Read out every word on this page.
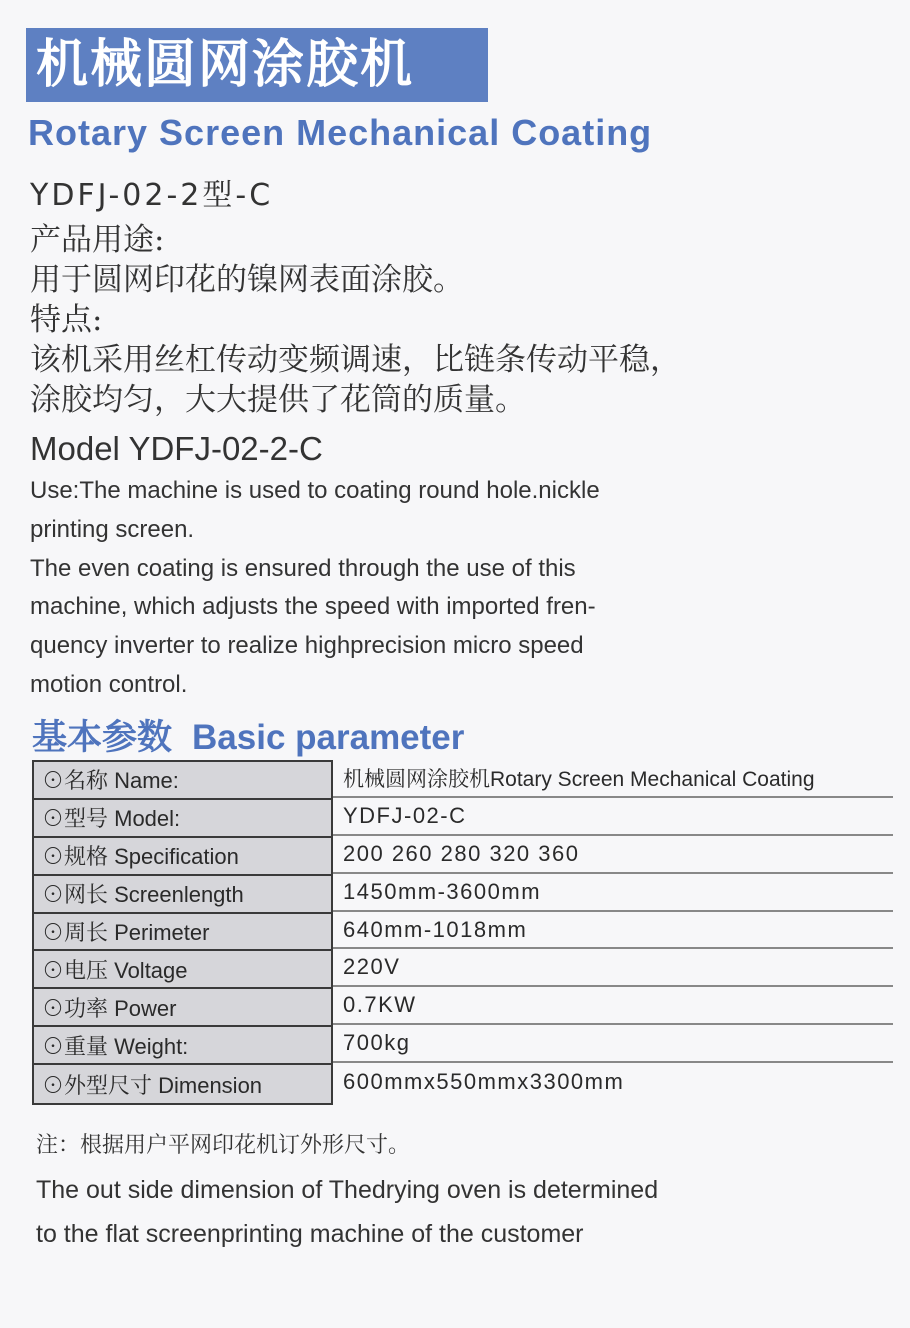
机械圆网涂胶机
Rotary Screen Mechanical Coating
YDFJ-02-2型-C
产品用途:
用于圆网印花的镍网表面涂胶。
特点:
该机采用丝杠传动变频调速，比链条传动平稳，
涂胶均匀，大大提供了花筒的质量。
Model YDFJ-02-2-C
Use:The machine is used to coating round hole.nickle
printing screen.
The even coating is ensured through the use of this
machine, which adjusts the speed with imported fren-
quency inverter to realize highprecision micro speed
motion control.
基本参数 Basic parameter
⊙名称 Name:
⊙型号 Model:
⊙规格 Specification
⊙网长 Screenlength
⊙周长 Perimeter
⊙电压 Voltage
⊙功率 Power
⊙重量 Weight:
⊙外型尺寸 Dimension
机械圆网涂胶机Rotary Screen Mechanical Coating
YDFJ-02-C
200 260 280 320 360
1450mm-3600mm
640mm-1018mm
220V
0.7KW
700kg
600mmx550mmx3300mm
注：根据用户平网印花机订外形尺寸。
The out side dimension of Thedrying oven is determined
to the flat screenprinting machine of the customer
